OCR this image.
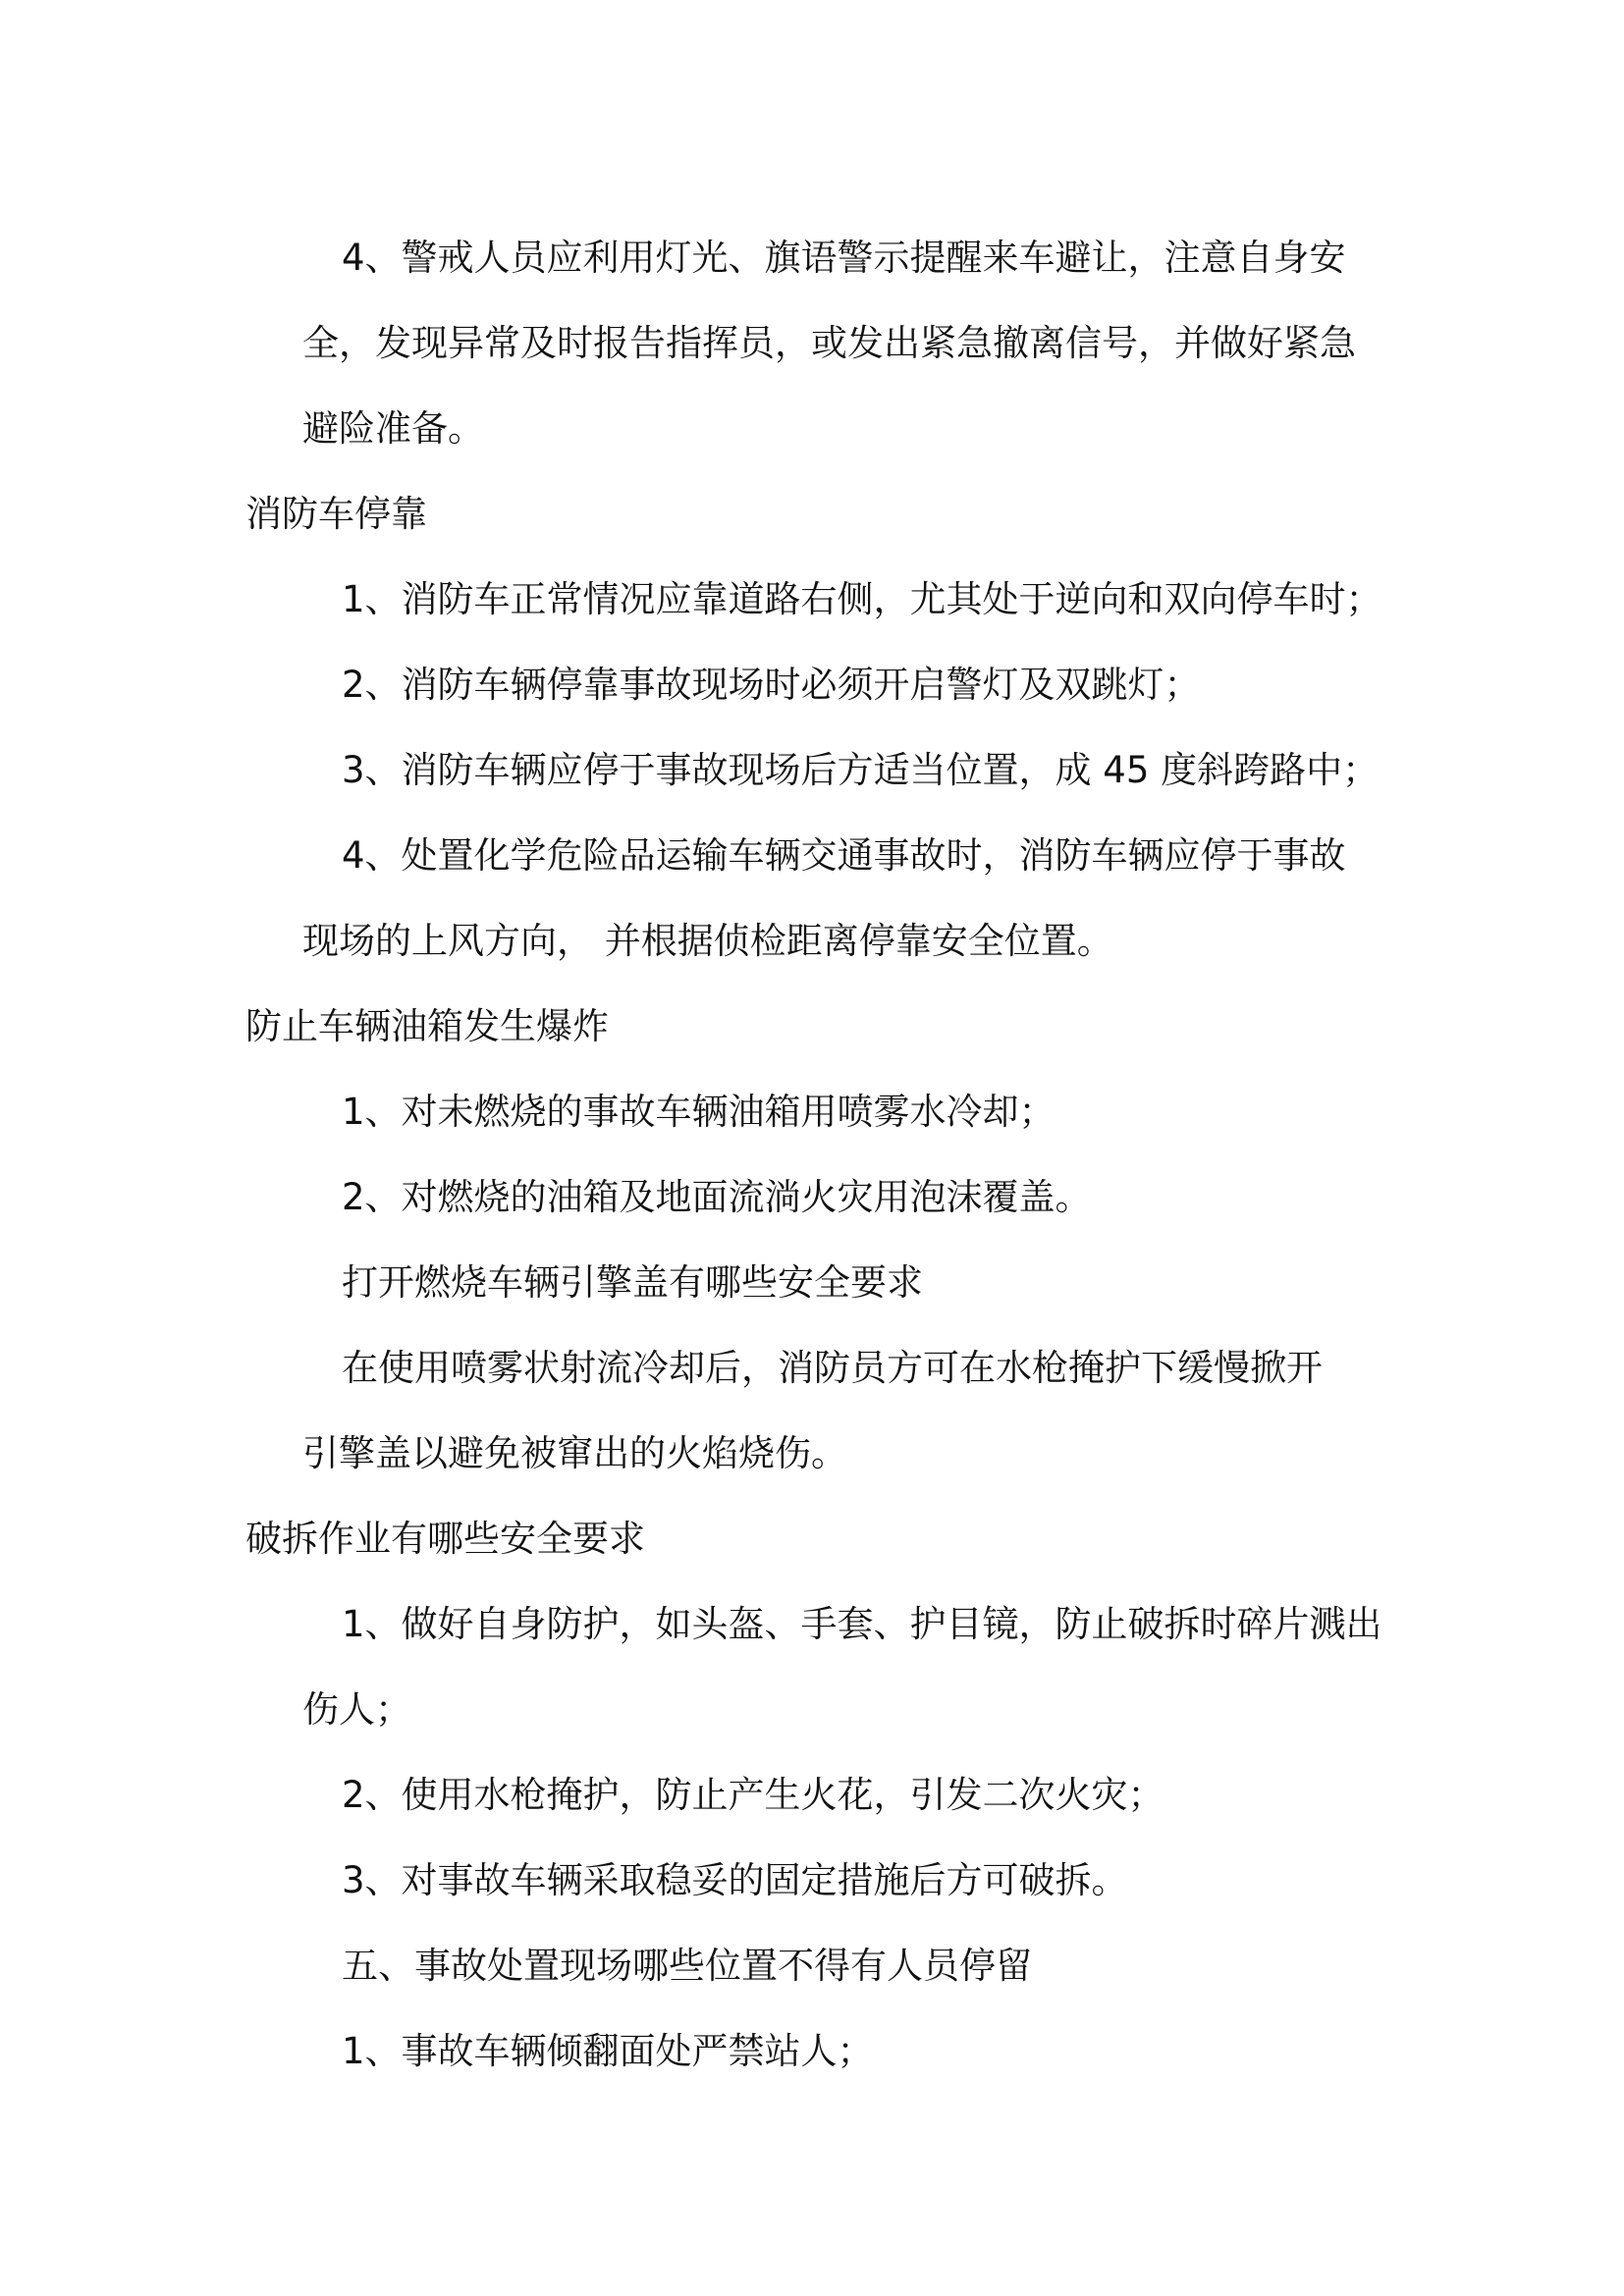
4、警戒人员应利用灯光、旗语警示提醒来车避让，注意自身安
全，发现异常及时报告指挥员，或发出紧急撤离信号，并做好紧急
避险准备。
消防车停靠
1、消防车正常情况应靠道路右侧，尤其处于逆向和双向停车时；
2、消防车辆停靠事故现场时必须开启警灯及双跳灯；
3、消防车辆应停于事故现场后方适当位置，成 45 度斜跨路中；
4、处置化学危险品运输车辆交通事故时，消防车辆应停于事故
现场的上风方向， 并根据侦检距离停靠安全位置。
防止车辆油箱发生爆炸
1、对未燃烧的事故车辆油箱用喷雾水冷却；
2、对燃烧的油箱及地面流淌火灾用泡沫覆盖。
打开燃烧车辆引擎盖有哪些安全要求
在使用喷雾状射流冷却后，消防员方可在水枪掩护下缓慢掀开
引擎盖以避免被窜出的火焰烧伤。
破拆作业有哪些安全要求
1、做好自身防护，如头盔、手套、护目镜，防止破拆时碎片溅出
伤人；
2、使用水枪掩护，防止产生火花，引发二次火灾；
3、对事故车辆采取稳妥的固定措施后方可破拆。
五、事故处置现场哪些位置不得有人员停留
1、事故车辆倾翻面处严禁站人；
